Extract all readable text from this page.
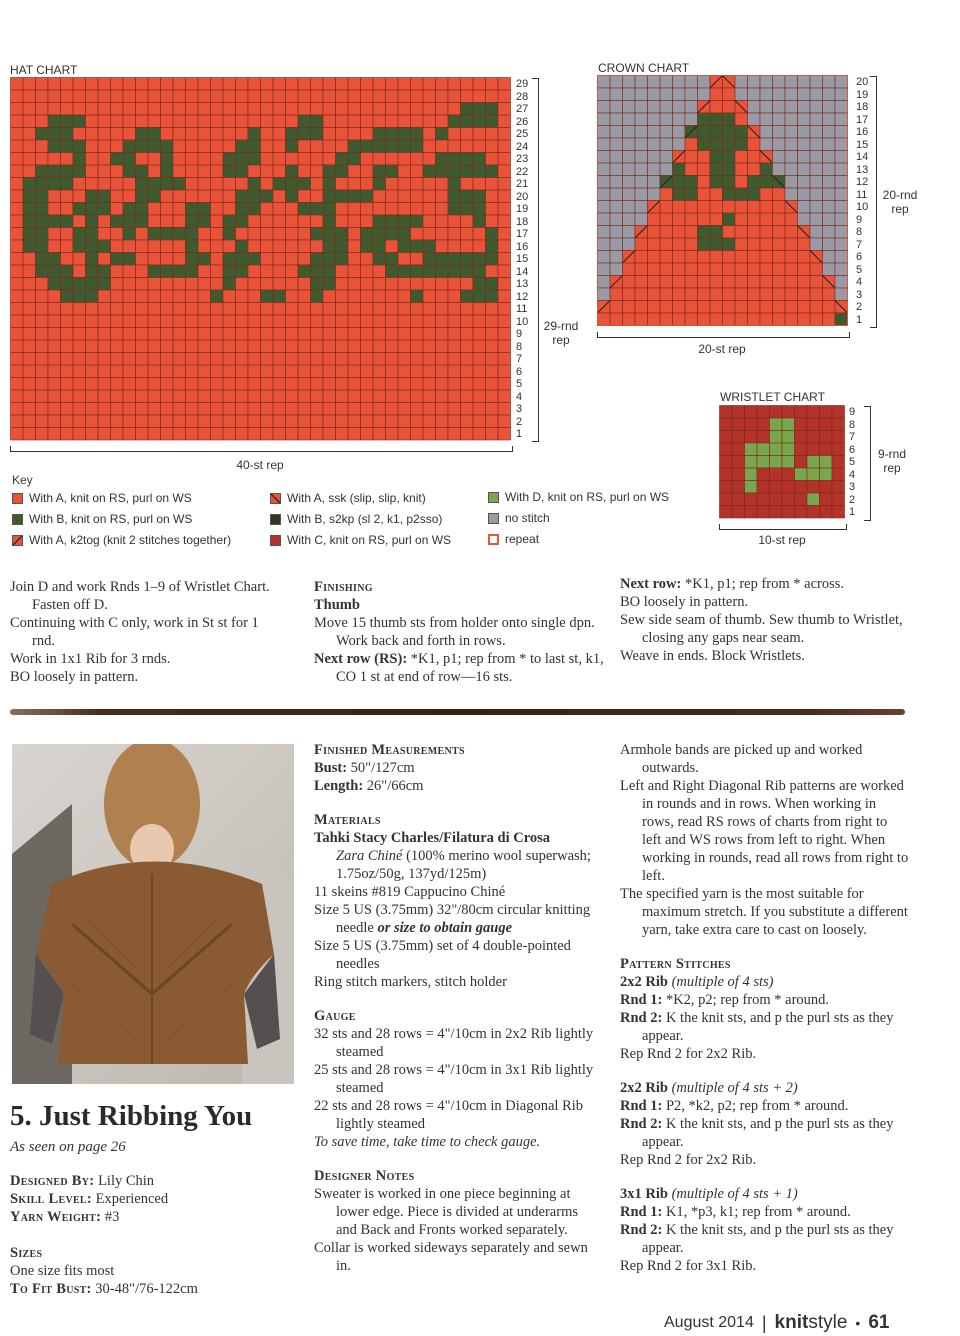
HAT CHART
29
28
27
26
25
24
23
22
21
20
19
18
17
16
15
14
13
12
11
10
9
8
7
6
5
4
3
2
1
29-rnd rep
40-st rep
CROWN CHART
20
19
18
17
16
15
14
13
12
11
10
9
8
7
6
5
4
3
2
1
20-rnd rep
20-st rep
WRISTLET CHART
9
8
7
6
5
4
3
2
1
9-rnd rep
10-st rep
Key
With A, knit on RS, purl on WS
With B, knit on RS, purl on WS
With A, k2tog (knit 2 stitches together)
With A, ssk (slip, slip, knit)
With B, s2kp (sl 2, k1, p2sso)
With C, knit on RS, purl on WS
With D, knit on RS, purl on WS
no stitch
repeat

Join D and work Rnds 1–9 of Wristlet Chart. Fasten off D.

Continuing with C only, work in St st for 1 rnd.

Work in 1x1 Rib for 3 rnds.

BO loosely in pattern.

Finishing

Thumb

Move 15 thumb sts from holder onto single dpn. Work back and forth in rows.

Next row (RS): *K1, p1; rep from * to last st, k1, CO 1 st at end of row—16 sts.

Next row: *K1, p1; rep from * across.

BO loosely in pattern.

Sew side seam of thumb. Sew thumb to Wristlet, closing any gaps near seam.

Weave in ends. Block Wristlets.

5. Just Ribbing You
As seen on page 26

Designed By: Lily Chin

Skill Level: Experienced

Yarn Weight: #3

Sizes

One size fits most

To Fit Bust: 30-48"/76-122cm

Finished Measurements

Bust: 50"/127cm

Length: 26"/66cm

Materials

Tahki Stacy Charles/Filatura di Crosa

Zara Chiné (100% merino wool superwash; 1.75oz/50g, 137yd/125m)

11 skeins #819 Cappucino Chiné

Size 5 US (3.75mm) 32"/80cm circular knitting needle or size to obtain gauge

Size 5 US (3.75mm) set of 4 double-pointed needles

Ring stitch markers, stitch holder

Gauge

32 sts and 28 rows = 4"/10cm in 2x2 Rib lightly steamed

25 sts and 28 rows = 4"/10cm in 3x1 Rib lightly steamed

22 sts and 28 rows = 4"/10cm in Diagonal Rib lightly steamed

To save time, take time to check gauge.

Designer Notes

Sweater is worked in one piece beginning at lower edge. Piece is divided at underarms and Back and Fronts worked separately.

Collar is worked sideways separately and sewn in.

Armhole bands are picked up and worked outwards.

Left and Right Diagonal Rib patterns are worked in rounds and in rows. When working in rows, read RS rows of charts from right to left and WS rows from left to right. When working in rounds, read all rows from right to left.

The specified yarn is the most suitable for maximum stretch. If you substitute a different yarn, take extra care to cast on loosely.

Pattern Stitches

2x2 Rib (multiple of 4 sts)

Rnd 1: *K2, p2; rep from * around.

Rnd 2: K the knit sts, and p the purl sts as they appear.

Rep Rnd 2 for 2x2 Rib.

2x2 Rib (multiple of 4 sts + 2)

Rnd 1: P2, *k2, p2; rep from * around.

Rnd 2: K the knit sts, and p the purl sts as they appear.

Rep Rnd 2 for 2x2 Rib.

3x1 Rib (multiple of 4 sts + 1)

Rnd 1: K1, *p3, k1; rep from * around.

Rnd 2: K the knit sts, and p the purl sts as they appear.

Rep Rnd 2 for 3x1 Rib.

August 2014 | knitstyle • 61
